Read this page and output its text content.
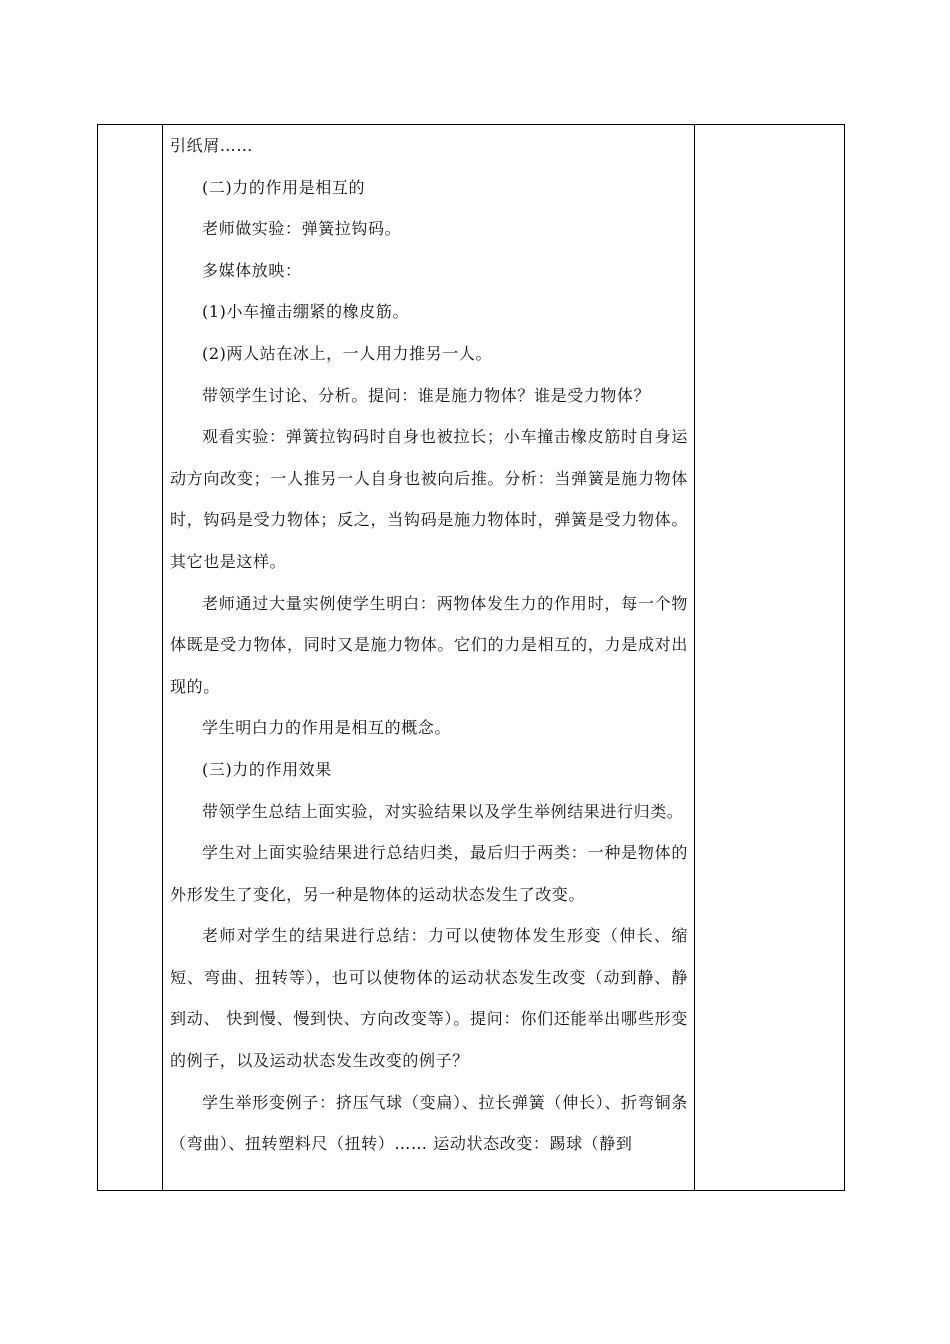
引纸屑……

(二)力的作用是相互的

老师做实验：弹簧拉钩码。

多媒体放映：

(1)小车撞击绷紧的橡皮筋。

(2)两人站在冰上，一人用力推另一人。

带领学生讨论、分析。提问：谁是施力物体？谁是受力物体？

观看实验：弹簧拉钩码时自身也被拉长；小车撞击橡皮筋时自身运动方向改变；一人推另一人自身也被向后推。分析：当弹簧是施力物体时，钩码是受力物体；反之，当钩码是施力物体时，弹簧是受力物体。其它也是这样。

老师通过大量实例使学生明白：两物体发生力的作用时，每一个物体既是受力物体，同时又是施力物体。它们的力是相互的，力是成对出现的。

学生明白力的作用是相互的概念。

(三)力的作用效果

带领学生总结上面实验，对实验结果以及学生举例结果进行归类。

学生对上面实验结果进行总结归类，最后归于两类：一种是物体的外形发生了变化，另一种是物体的运动状态发生了改变。

老师对学生的结果进行总结：力可以使物体发生形变（伸长、缩短、弯曲、扭转等），也可以使物体的运动状态发生改变（动到静、静到动、 快到慢、慢到快、方向改变等）。提问：你们还能举出哪些形变的例子，以及运动状态发生改变的例子？

学生举形变例子：挤压气球（变扁）、拉长弹簧（伸长）、折弯铜条（弯曲）、扭转塑料尺（扭转）…… 运动状态改变：踢球（静到
